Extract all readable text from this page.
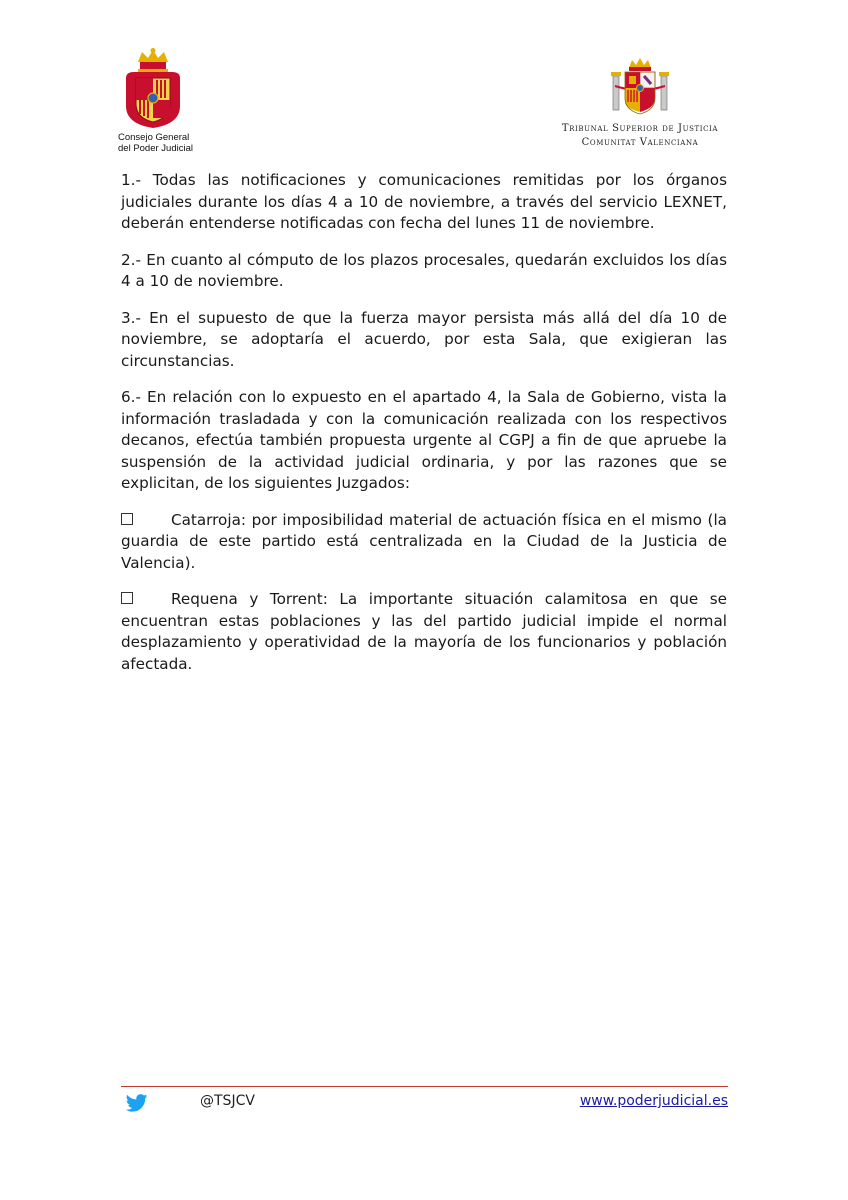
Consejo General
del Poder Judicial
Tribunal Superior de Justicia
Comunitat Valenciana

1.- Todas las notificaciones y comunicaciones remitidas por los órganos judiciales durante los días 4 a 10 de noviembre, a través del servicio LEXNET, deberán entenderse notificadas con fecha del lunes 11 de noviembre.

2.- En cuanto al cómputo de los plazos procesales, quedarán excluidos los días 4 a 10 de noviembre.

3.- En el supuesto de que la fuerza mayor persista más allá del día 10 de noviembre, se adoptaría el acuerdo, por esta Sala, que exigieran las circunstancias.

6.- En relación con lo expuesto en el apartado 4, la Sala de Gobierno, vista la información trasladada y con la comunicación realizada con los respectivos decanos, efectúa también propuesta urgente al CGPJ a fin de que apruebe la suspensión de la actividad judicial ordinaria, y por las razones que se explicitan, de los siguientes Juzgados:

Catarroja: por imposibilidad material de actuación física en el mismo (la guardia de este partido está centralizada en la Ciudad de la Justicia de Valencia).

Requena y Torrent: La importante situación calamitosa en que se encuentran estas poblaciones y las del partido judicial impide el normal desplazamiento y operatividad de la mayoría de los funcionarios y población afectada.

@TSJCV	www.poderjudicial.es
